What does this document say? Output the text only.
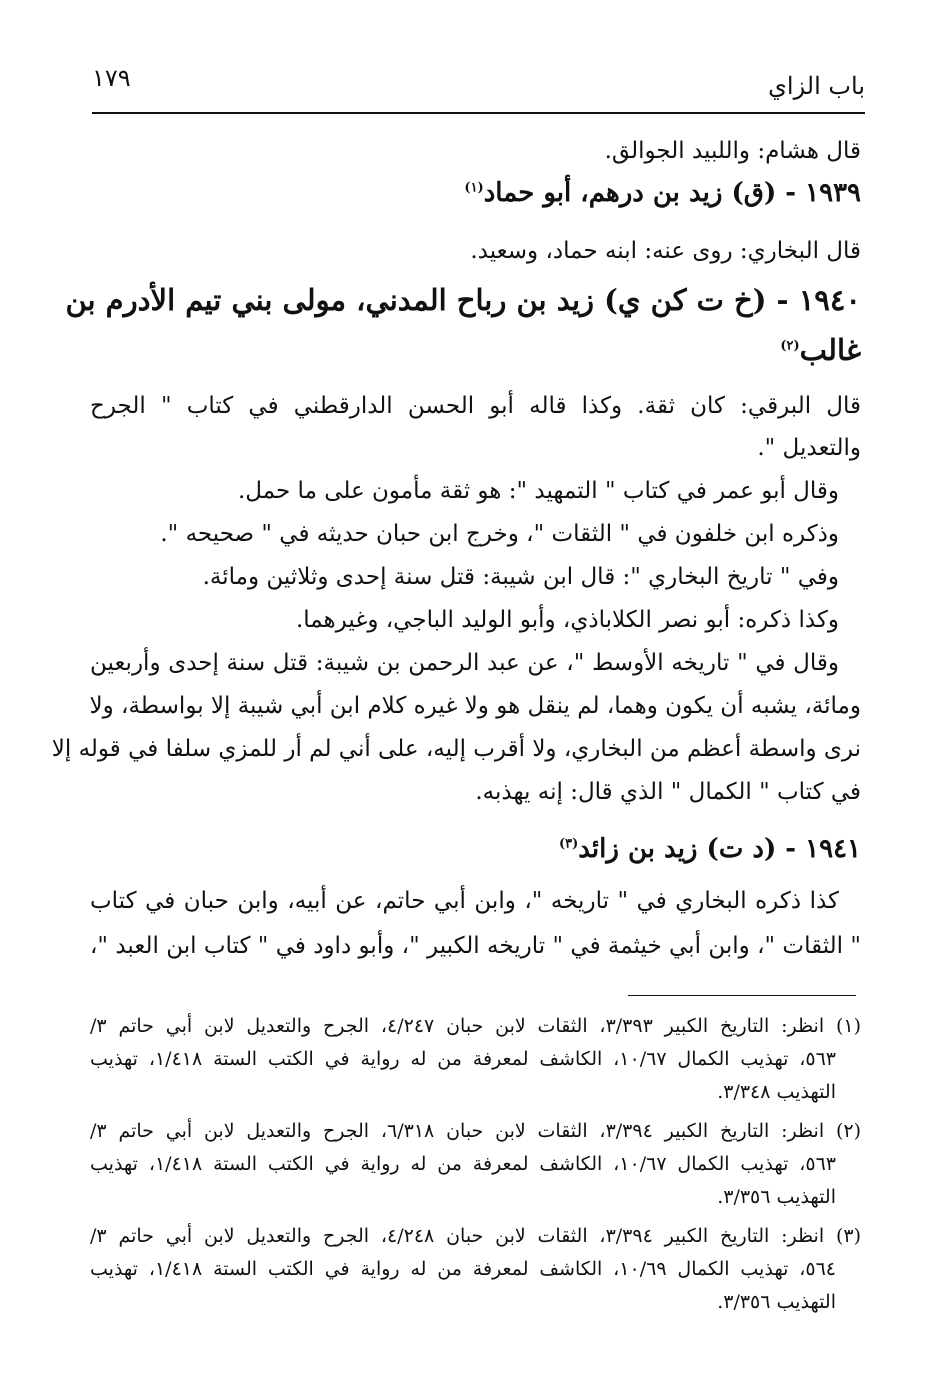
باب الزاي
١٧٩
قال هشام: واللبيد الجوالق.
١٩٣٩ - (ق) زيد بن درهم، أبو حماد$^{(١)}$
قال البخاري: روى عنه: ابنه حماد، وسعيد.
١٩٤٠ - (خ ت كن ي) زيد بن رباح المدني، مولى بني تيم الأدرم بن
غالب$^{(٢)}$
قال البرقي: كان ثقة. وكذا قاله أبو الحسن الدارقطني في كتاب " الجرح
والتعديل ".
وقال أبو عمر في كتاب " التمهيد ": هو ثقة مأمون على ما حمل.
وذكره ابن خلفون في " الثقات "، وخرج ابن حبان حديثه في " صحيحه ".
وفي " تاريخ البخاري ": قال ابن شيبة: قتل سنة إحدى وثلاثين ومائة.
وكذا ذكره: أبو نصر الكلاباذي، وأبو الوليد الباجي، وغيرهما.
وقال في " تاريخه الأوسط "، عن عبد الرحمن بن شيبة: قتل سنة إحدى وأربعين
ومائة، يشبه أن يكون وهما، لم ينقل هو ولا غيره كلام ابن أبي شيبة إلا بواسطة، ولا
نرى واسطة أعظم من البخاري، ولا أقرب إليه، على أني لم أر للمزي سلفا في قوله إلا
في كتاب " الكمال " الذي قال: إنه يهذبه.
١٩٤١ - (د ت) زيد بن زائد$^{(٣)}$
كذا ذكره البخاري في " تاريخه "، وابن أبي حاتم، عن أبيه، وابن حبان في كتاب
" الثقات "، وابن أبي خيثمة في " تاريخه الكبير "، وأبو داود في " كتاب ابن العبد "،
(١) انظر: التاريخ الكبير ٣/٣٩٣، الثقات لابن حبان ٤/٢٤٧، الجرح والتعديل لابن أبي حاتم ٣/
٥٦٣، تهذيب الكمال ١٠/٦٧، الكاشف لمعرفة من له رواية في الكتب الستة ١/٤١٨، تهذيب
التهذيب ٣/٣٤٨.
(٢) انظر: التاريخ الكبير ٣/٣٩٤، الثقات لابن حبان ٦/٣١٨، الجرح والتعديل لابن أبي حاتم ٣/
٥٦٣، تهذيب الكمال ١٠/٦٧، الكاشف لمعرفة من له رواية في الكتب الستة ١/٤١٨، تهذيب
التهذيب ٣/٣٥٦.
(٣) انظر: التاريخ الكبير ٣/٣٩٤، الثقات لابن حبان ٤/٢٤٨، الجرح والتعديل لابن أبي حاتم ٣/
٥٦٤، تهذيب الكمال ١٠/٦٩، الكاشف لمعرفة من له رواية في الكتب الستة ١/٤١٨، تهذيب
التهذيب ٣/٣٥٦.
